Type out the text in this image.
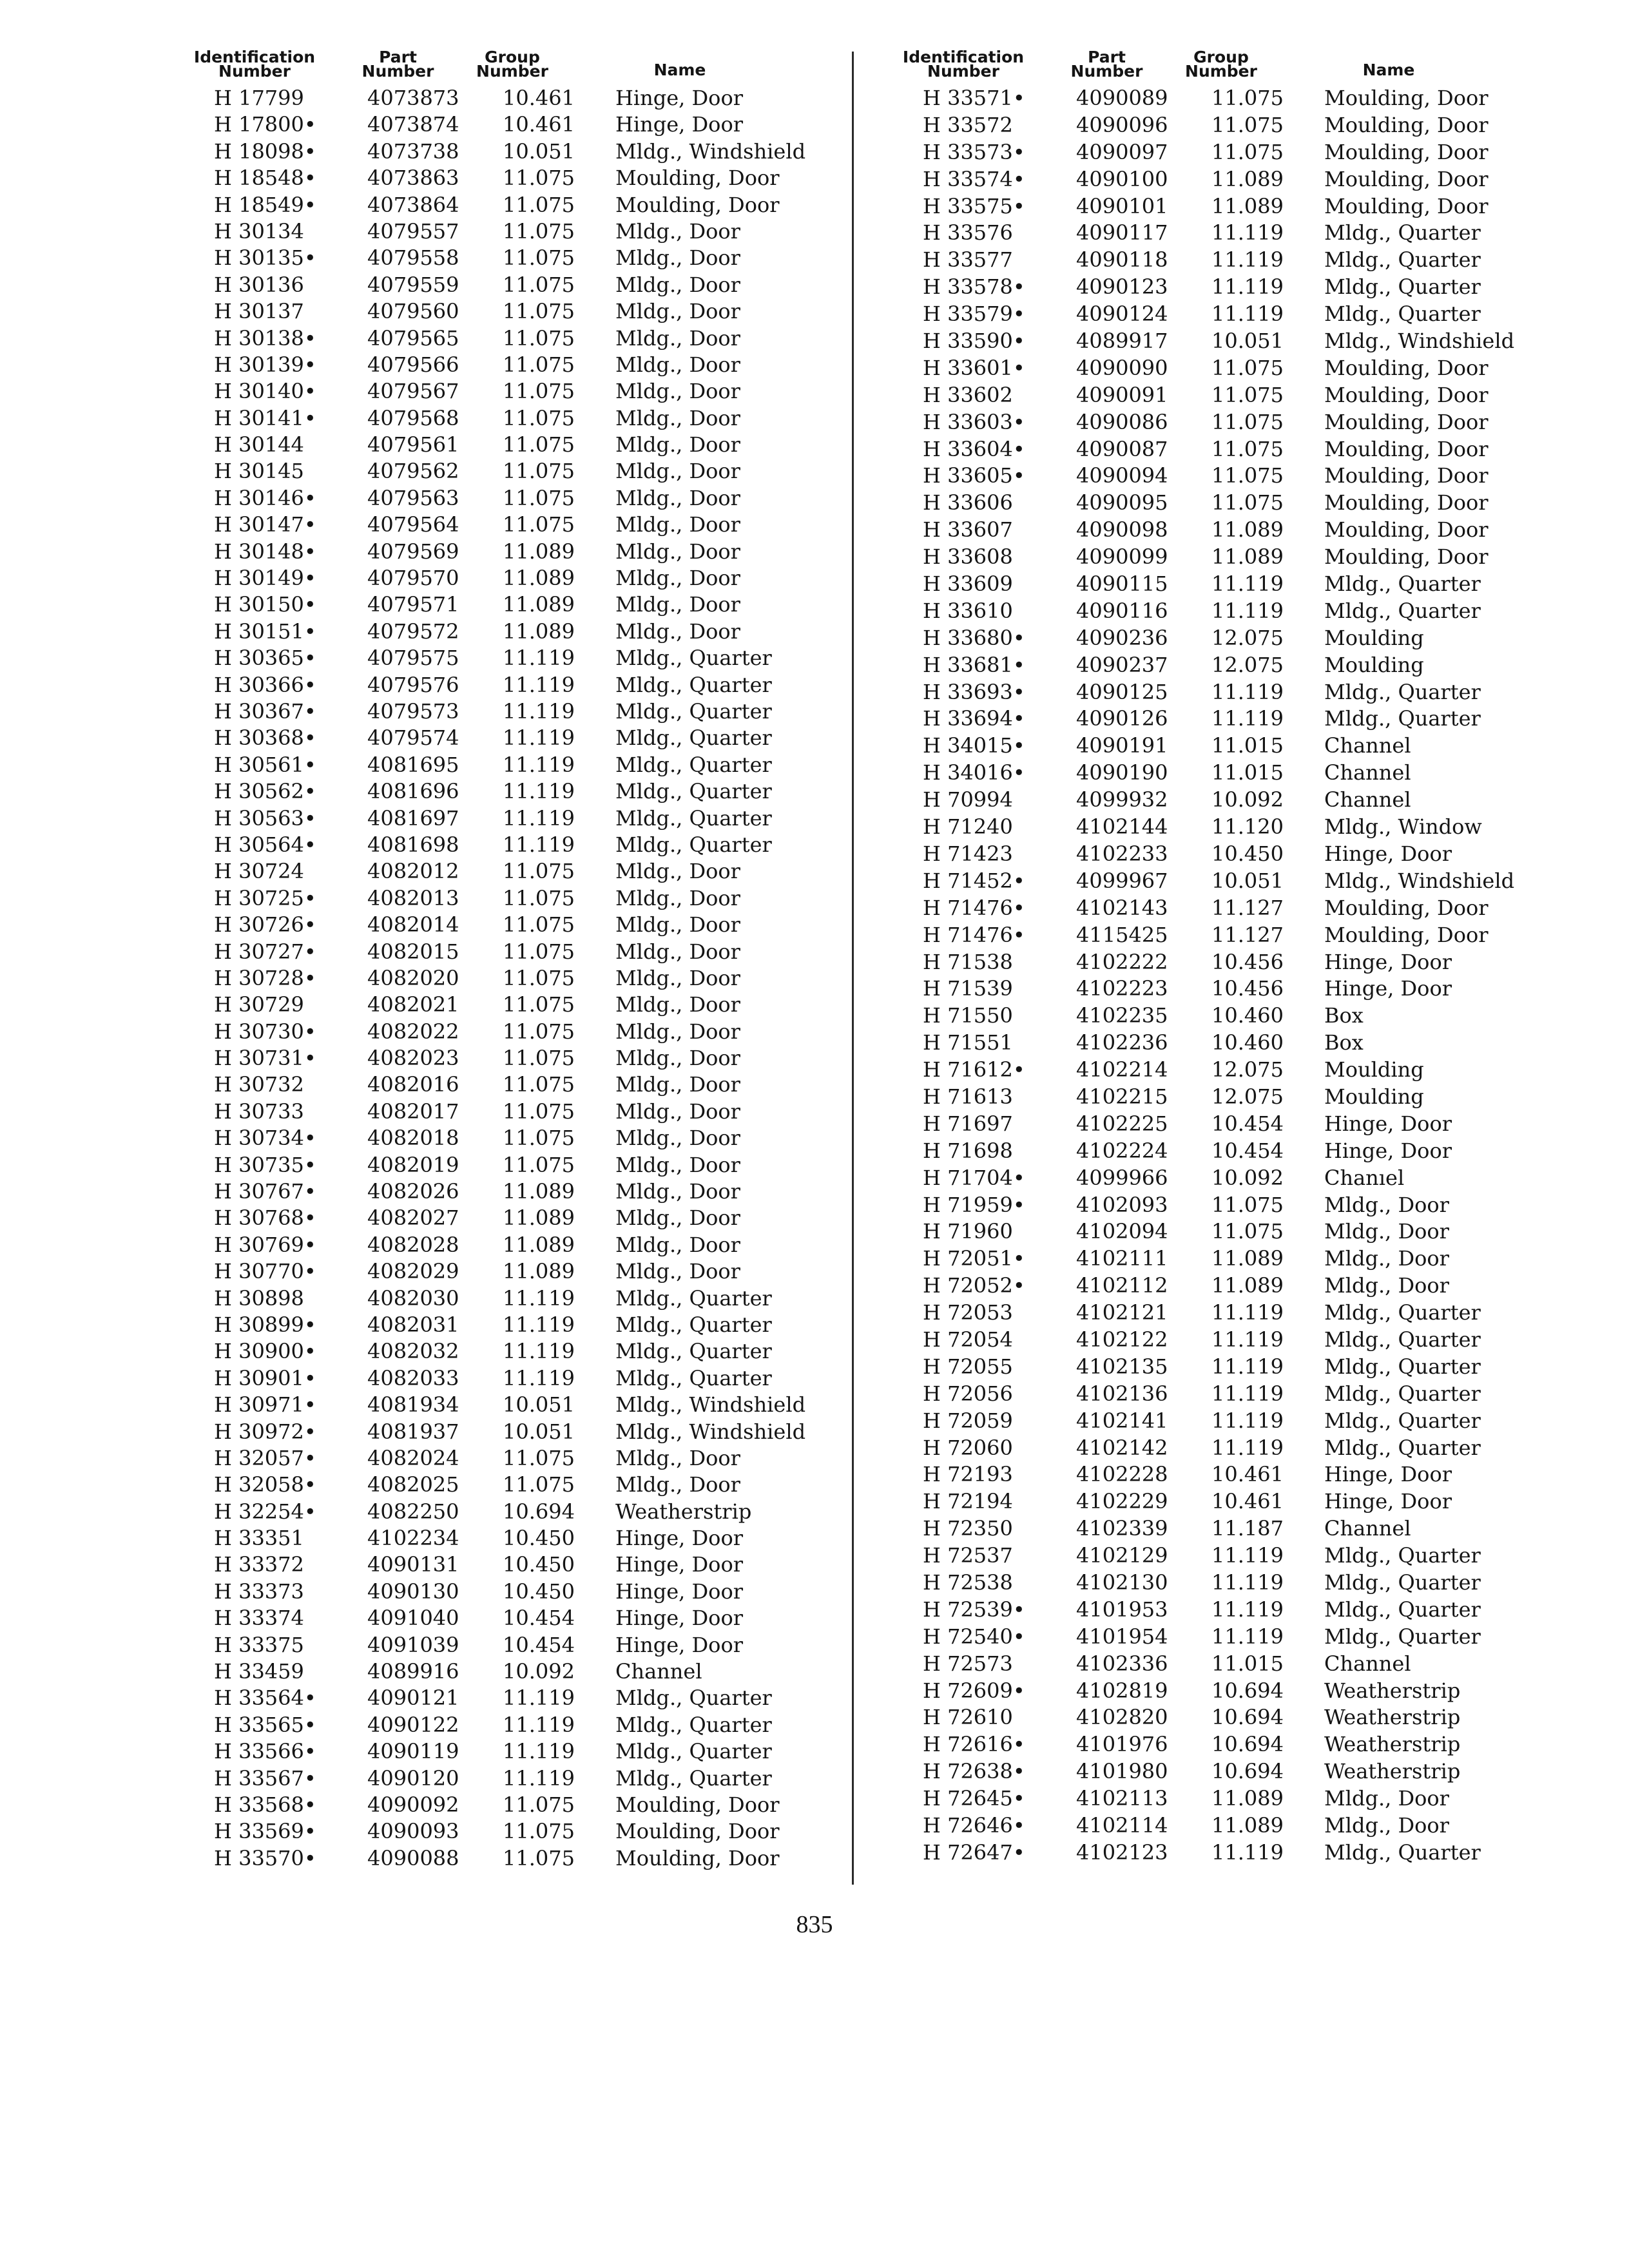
Identification Number
Part Number
Group Number	Name
H 17799	4073873 10.461 Hinge, Door
H 17800• 4073874 10.461 Hinge, Door
H 18098• 4073738 10.051 Mldg., Windshield
H 18548• 4073863 11.075 Moulding, Door
H 18549• 4073864 11.075 Moulding, Door
H 30134	4079557 11.075 Mldg., Door
H 30135• 4079558 11.075 Mldg., Door
H 30136	4079559 11.075 Mldg., Door
H 30137	4079560 11.075 Mldg., Door
H 30138• 4079565 11.075 Mldg., Door
H 30139• 4079566 11.075 Mldg., Door
H 30140• 4079567 11.075 Mldg., Door
H 30141• 4079568 11.075 Mldg., Door
H 30144	4079561 11.075 Mldg., Door
H 30145	4079562 11.075 Mldg., Door
H 30146• 4079563 11.075 Mldg., Door
H 30147• 4079564 11.075 Mldg., Door
H 30148• 4079569 11.089 Mldg., Door
H 30149• 4079570 11.089 Mldg., Door
H 30150• 4079571 11.089 Mldg., Door
H 30151• 4079572 11.089 Mldg., Door
H 30365• 4079575 11.119 Mldg., Quarter
H 30366• 4079576 11.119 Mldg., Quarter
H 30367• 4079573 11.119 Mldg., Quarter
H 30368• 4079574 11.119 Mldg., Quarter
H 30561• 4081695 11.119 Mldg., Quarter
H 30562• 4081696 11.119 Mldg., Quarter
H 30563• 4081697 11.119 Mldg., Quarter
H 30564• 4081698 11.119 Mldg., Quarter
H 30724	4082012 11.075 Mldg., Door
H 30725• 4082013 11.075 Mldg., Door
H 30726• 4082014 11.075 Mldg., Door
H 30727• 4082015 11.075 Mldg., Door
H 30728• 4082020 11.075 Mldg., Door
H 30729	4082021 11.075 Mldg., Door
H 30730• 4082022 11.075 Mldg., Door
H 30731• 4082023 11.075 Mldg., Door
H 30732	4082016 11.075 Mldg., Door
H 30733	4082017 11.075 Mldg., Door
H 30734• 4082018 11.075 Mldg., Door
H 30735• 4082019 11.075 Mldg., Door
H 30767• 4082026 11.089 Mldg., Door
H 30768• 4082027 11.089 Mldg., Door
H 30769• 4082028 11.089 Mldg., Door
H 30770• 4082029 11.089 Mldg., Door
H 30898	4082030 11.119 Mldg., Quarter
H 30899• 4082031 11.119 Mldg., Quarter
H 30900• 4082032 11.119 Mldg., Quarter
H 30901• 4082033 11.119 Mldg., Quarter
H 30971• 4081934 10.051 Mldg., Windshield
H 30972• 4081937 10.051 Mldg., Windshield
H 32057• 4082024 11.075 Mldg., Door
H 32058• 4082025 11.075 Mldg., Door
H 32254• 4082250 10.694 Weatherstrip
H 33351	4102234 10.450 Hinge, Door
H 33372	4090131 10.450 Hinge, Door
H 33373	4090130 10.450 Hinge, Door
H 33374	4091040 10.454 Hinge, Door
H 33375	4091039 10.454 Hinge, Door
H 33459	4089916 10.092 Channel
H 33564• 4090121 11.119 Mldg., Quarter
H 33565• 4090122 11.119 Mldg., Quarter
H 33566• 4090119 11.119 Mldg., Quarter
H 33567• 4090120 11.119 Mldg., Quarter
H 33568• 4090092 11.075 Moulding, Door
H 33569• 4090093 11.075 Moulding, Door
H 33570• 4090088 11.075 Moulding, Door
Identification Number
Part Number
Group Number	Name
H 33571• 4090089 11.075 Moulding, Door
H 33572	4090096 11.075 Moulding, Door
H 33573• 4090097 11.075 Moulding, Door
H 33574• 4090100 11.089 Moulding, Door
H 33575• 4090101 11.089 Moulding, Door
H 33576	4090117 11.119 Mldg., Quarter
H 33577	4090118 11.119 Mldg., Quarter
H 33578• 4090123 11.119 Mldg., Quarter
H 33579• 4090124 11.119 Mldg., Quarter
H 33590• 4089917 10.051 Mldg., Windshield
H 33601• 4090090 11.075 Moulding, Door
H 33602	4090091 11.075 Moulding, Door
H 33603• 4090086 11.075 Moulding, Door
H 33604• 4090087 11.075 Moulding, Door
H 33605• 4090094 11.075 Moulding, Door
H 33606	4090095 11.075 Moulding, Door
H 33607	4090098 11.089 Moulding, Door
H 33608	4090099 11.089 Moulding, Door
H 33609	4090115 11.119 Mldg., Quarter
H 33610	4090116 11.119 Mldg., Quarter
H 33680• 4090236 12.075 Moulding
H 33681• 4090237 12.075 Moulding
H 33693• 4090125 11.119 Mldg., Quarter
H 33694• 4090126 11.119 Mldg., Quarter
H 34015• 4090191 11.015 Channel
H 34016• 4090190 11.015 Channel
H 70994	4099932 10.092 Channel
H 71240	4102144 11.120 Mldg., Window
H 71423	4102233 10.450 Hinge, Door
H 71452• 4099967 10.051 Mldg., Windshield
H 71476• 4102143 11.127 Moulding, Door
H 71476• 4115425 11.127 Moulding, Door
H 71538	4102222 10.456 Hinge, Door
H 71539	4102223 10.456 Hinge, Door
H 71550	4102235 10.460 Box
H 71551	4102236 10.460 Box
H 71612• 4102214 12.075 Moulding
H 71613	4102215 12.075 Moulding
H 71697	4102225 10.454 Hinge, Door
H 71698	4102224 10.454 Hinge, Door
H 71704• 4099966 10.092 Chanıel
H 71959• 4102093 11.075 Mldg., Door
H 71960	4102094 11.075 Mldg., Door
H 72051• 4102111 11.089 Mldg., Door
H 72052• 4102112 11.089 Mldg., Door
H 72053	4102121 11.119 Mldg., Quarter
H 72054	4102122 11.119 Mldg., Quarter
H 72055	4102135 11.119 Mldg., Quarter
H 72056	4102136 11.119 Mldg., Quarter
H 72059	4102141 11.119 Mldg., Quarter
H 72060	4102142 11.119 Mldg., Quarter
H 72193	4102228 10.461 Hinge, Door
H 72194	4102229 10.461 Hinge, Door
H 72350	4102339 11.187 Channel
H 72537	4102129 11.119 Mldg., Quarter
H 72538	4102130 11.119 Mldg., Quarter
H 72539• 4101953 11.119 Mldg., Quarter
H 72540• 4101954 11.119 Mldg., Quarter
H 72573	4102336 11.015 Channel
H 72609• 4102819 10.694 Weatherstrip
H 72610	4102820 10.694 Weatherstrip
H 72616• 4101976 10.694 Weatherstrip
H 72638• 4101980 10.694 Weatherstrip
H 72645• 4102113 11.089 Mldg., Door
H 72646• 4102114 11.089 Mldg., Door
H 72647• 4102123 11.119 Mldg., Quarter
835
